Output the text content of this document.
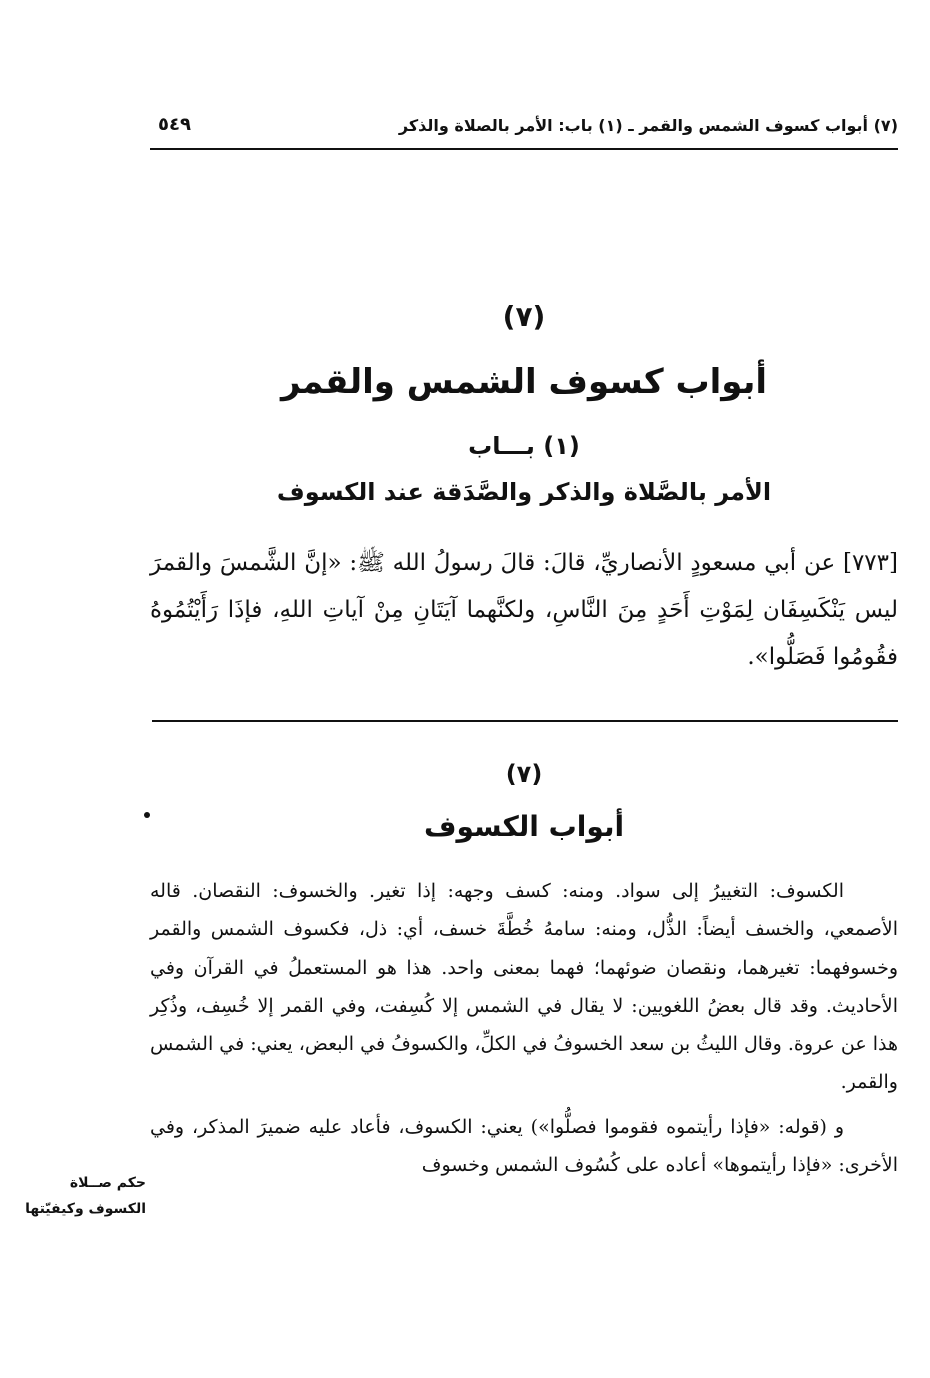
(٧) أبواب كسوف الشمس والقمر ـ (١) باب: الأمر بالصلاة والذكر
٥٤٩
(٧)
أبواب كسوف الشمس والقمر
(١) بـــاب
الأمر بالصَّلاة والذكر والصَّدَقة عند الكسوف
[٧٧٣] عن أبي مسعودٍ الأنصاريِّ، قالَ: قالَ رسولُ الله ﷺ: «إنَّ الشَّمسَ والقمرَ ليس يَنْكَسِفَان لِمَوْتِ أَحَدٍ مِنَ النَّاسِ، ولكنَّهما آيَتَانِ مِنْ آياتِ اللهِ، فإذَا رَأَيْتُمُوهُ فقُومُوا فَصَلُّوا».
(٧)
أبواب الكسوف

الكسوف: التغييرُ إلى سواد. ومنه: كسف وجهه: إذا تغير. والخسوف: النقصان. قاله الأصمعي، والخسف أيضاً: الذُّل، ومنه: سامهُ خُطَّةَ خسف، أي: ذل، فكسوف الشمس والقمر وخسوفهما: تغيرهما، ونقصان ضوئهما؛ فهما بمعنى واحد. هذا هو المستعملُ في القرآن وفي الأحاديث. وقد قال بعضُ اللغويين: لا يقال في الشمس إلا كُسِفت، وفي القمر إلا خُسِف، وذُكِر هذا عن عروة. وقال الليثُ بن سعد الخسوفُ في الكلِّ، والكسوفُ في البعض، يعني: في الشمس والقمر.

و (قوله: «فإذا رأيتموه فقوموا فصلُّوا») يعني: الكسوف، فأعاد عليه ضميرَ المذكر، وفي الأخرى: «فإذا رأيتموها» أعاده على كُسُوف الشمس وخسوف

حكم صــلاة
الكسوف وكيفيّتها
